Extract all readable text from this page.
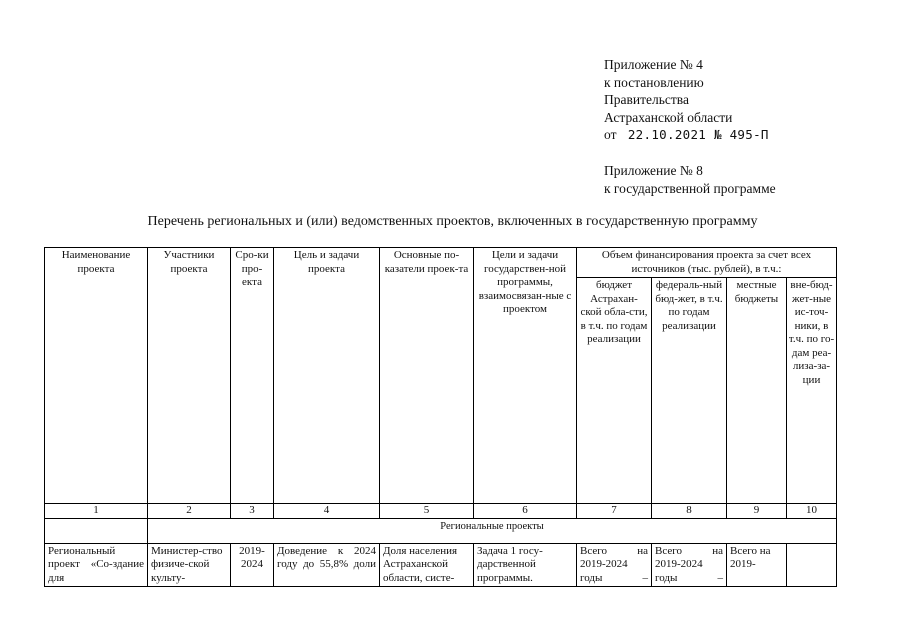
Приложение № 4
к постановлению
Правительства
Астраханской области
от 22.10.2021 № 495-П
Приложение № 8
к государственной программе
Перечень региональных и (или) ведомственных проектов, включенных в государственную программу
Наименование проекта	Участники проекта	Сро-ки про-екта	Цель и задачи проекта	Основные по-казатели проек-та	Цели и задачи государствен-ной программы, взаимосвязан-ные с проектом	Объем финансирования проекта за счет всех источников (тыс. рублей), в т.ч.:			
						бюджет Астрахан-ской обла-сти, в т.ч. по годам реализации	федераль-ный бюд-жет, в т.ч. по годам реализации	местные бюджеты	вне-бюд-жет-ные ис-точ-ники, в т.ч. по го-дам реа-лиза-за-ции
1	2	3	4	5	6	7	8	9	10
	Региональные проекты								
Региональный проект «Со-здание для	Министер-ство физиче-ской культу-	2019-2024	Доведение к 2024 году до 55,8% доли	Доля населения Астраханской области, систе-	Задача 1 госу-дарственной программы.	Всего на 2019-2024 годы –	Всего на 2019-2024 годы –	Всего на 2019-	
